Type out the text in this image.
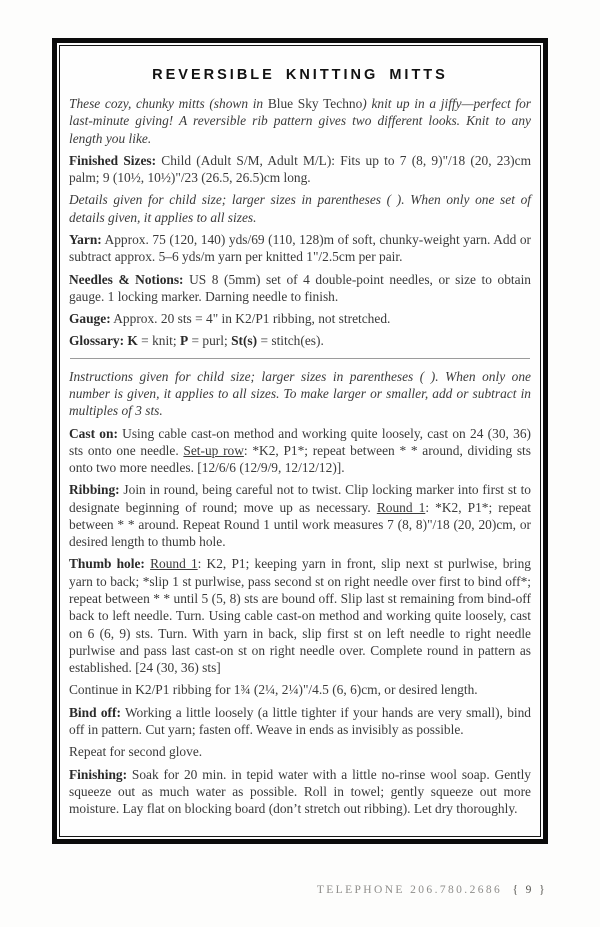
REVERSIBLE KNITTING MITTS

These cozy, chunky mitts (shown in Blue Sky Techno) knit up in a jiffy—perfect for last-minute giving! A reversible rib pattern gives two different looks. Knit to any length you like.

Finished Sizes: Child (Adult S/M, Adult M/L): Fits up to 7 (8, 9)"/18 (20, 23)cm palm; 9 (10½, 10½)"/23 (26.5, 26.5)cm long.

Details given for child size; larger sizes in parentheses ( ). When only one set of details given, it applies to all sizes.

Yarn: Approx. 75 (120, 140) yds/69 (110, 128)m of soft, chunky-weight yarn. Add or subtract approx. 5–6 yds/m yarn per knitted 1"/2.5cm per pair.

Needles & Notions: US 8 (5mm) set of 4 double-point needles, or size to obtain gauge. 1 locking marker. Darning needle to finish.

Gauge: Approx. 20 sts = 4" in K2/P1 ribbing, not stretched.

Glossary: K = knit; P = purl; St(s) = stitch(es).

Instructions given for child size; larger sizes in parentheses ( ). When only one number is given, it applies to all sizes. To make larger or smaller, add or subtract in multiples of 3 sts.

Cast on: Using cable cast-on method and working quite loosely, cast on 24 (30, 36) sts onto one needle. Set-up row: *K2, P1*; repeat between * * around, dividing sts onto two more needles. [12/6/6 (12/9/9, 12/12/12)].

Ribbing: Join in round, being careful not to twist. Clip locking marker into first st to designate beginning of round; move up as necessary. Round 1: *K2, P1*; repeat between * * around. Repeat Round 1 until work measures 7 (8, 8)"/18 (20, 20)cm, or desired length to thumb hole.

Thumb hole: Round 1: K2, P1; keeping yarn in front, slip next st purlwise, bring yarn to back; *slip 1 st purlwise, pass second st on right needle over first to bind off*; repeat between * * until 5 (5, 8) sts are bound off. Slip last st remaining from bind-off back to left needle. Turn. Using cable cast-on method and working quite loosely, cast on 6 (6, 9) sts. Turn. With yarn in back, slip first st on left needle to right needle purlwise and pass last cast-on st on right needle over. Complete round in pattern as established. [24 (30, 36) sts]

Continue in K2/P1 ribbing for 1¾ (2¼, 2¼)"/4.5 (6, 6)cm, or desired length.

Bind off: Working a little loosely (a little tighter if your hands are very small), bind off in pattern. Cut yarn; fasten off. Weave in ends as invisibly as possible.

Repeat for second glove.

Finishing: Soak for 20 min. in tepid water with a little no-rinse wool soap. Gently squeeze out as much water as possible. Roll in towel; gently squeeze out more moisture. Lay flat on blocking board (don’t stretch out ribbing). Let dry thoroughly.

TELEPHONE 206.780.2686 { 9 }
